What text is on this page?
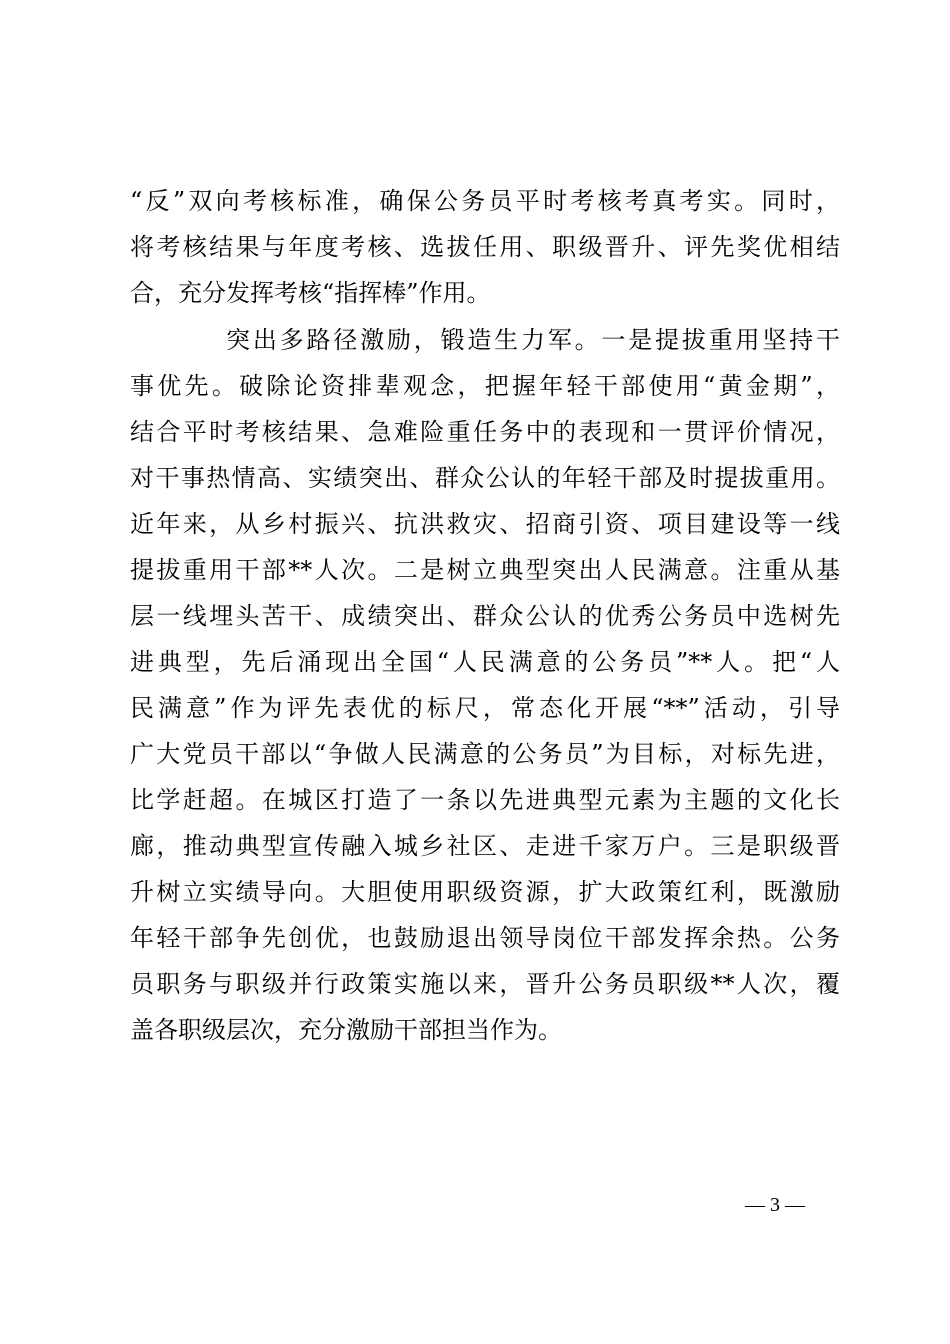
“反”双向考核标准，确保公务员平时考核考真考实。同时，
将考核结果与年度考核、选拔任用、职级晋升、评先奖优相结
合，充分发挥考核“指挥棒”作用。
突出多路径激励，锻造生力军。一是提拔重用坚持干
事优先。破除论资排辈观念，把握年轻干部使用“黄金期”，
结合平时考核结果、急难险重任务中的表现和一贯评价情况，
对干事热情高、实绩突出、群众公认的年轻干部及时提拔重用。
近年来，从乡村振兴、抗洪救灾、招商引资、项目建设等一线
提拔重用干部**人次。二是树立典型突出人民满意。注重从基
层一线埋头苦干、成绩突出、群众公认的优秀公务员中选树先
进典型，先后涌现出全国“人民满意的公务员”**人。把“人
民满意”作为评先表优的标尺，常态化开展“**”活动，引导
广大党员干部以“争做人民满意的公务员”为目标，对标先进，
比学赶超。在城区打造了一条以先进典型元素为主题的文化长
廊，推动典型宣传融入城乡社区、走进千家万户。三是职级晋
升树立实绩导向。大胆使用职级资源，扩大政策红利，既激励
年轻干部争先创优，也鼓励退出领导岗位干部发挥余热。公务
员职务与职级并行政策实施以来，晋升公务员职级**人次，覆
盖各职级层次，充分激励干部担当作为。
— 3 —
